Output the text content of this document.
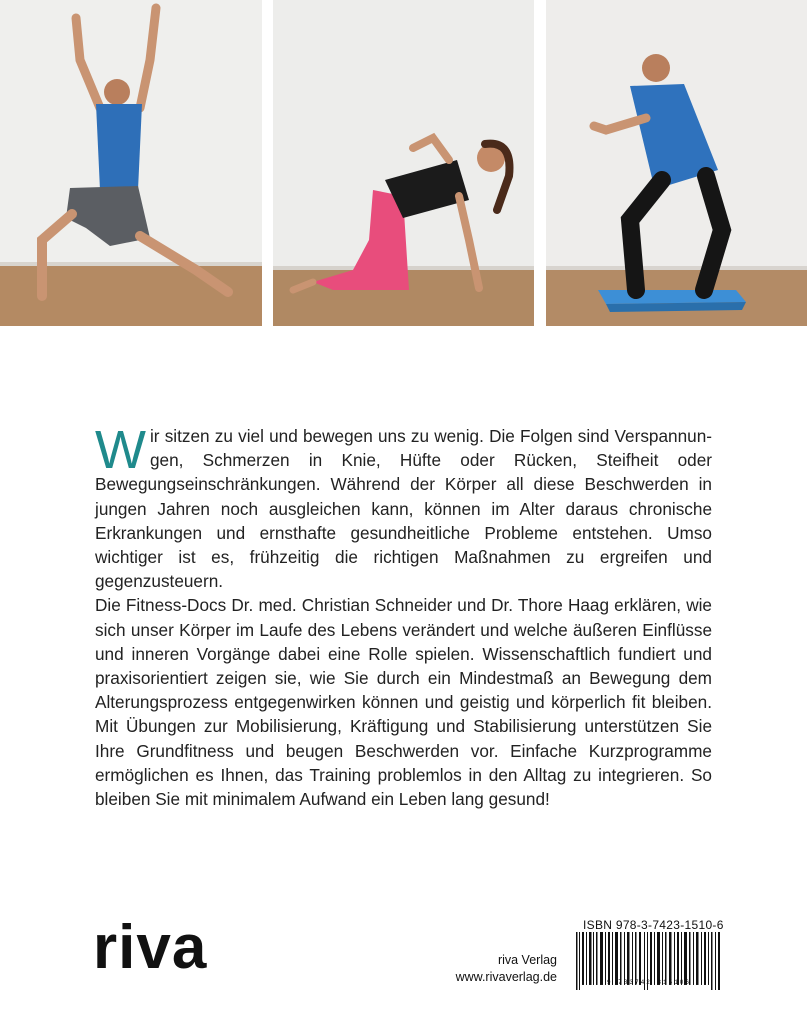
W ir sitzen zu viel und bewegen uns zu wenig. Die Folgen sind Verspannungen, Schmerzen in Knie, Hüfte oder Rücken, Steifheit oder Bewegungseinschränkungen. Während der Körper all diese Beschwerden in jungen Jahren noch ausgleichen kann, können im Alter daraus chronische Erkrankungen und ernsthafte gesundheitliche Probleme entstehen. Umso wichtiger ist es, frühzeitig die richtigen Maßnahmen zu ergreifen und gegenzusteuern.

Die Fitness-Docs Dr. med. Christian Schneider und Dr. Thore Haag erklären, wie sich unser Körper im Laufe des Lebens verändert und welche äußeren Einflüsse und inneren Vorgänge dabei eine Rolle spielen. Wissenschaftlich fundiert und praxisorientiert zeigen sie, wie Sie durch ein Mindestmaß an Bewegung dem Alterungsprozess entgegenwirken können und geistig und körperlich fit bleiben. Mit Übungen zur Mobilisierung, Kräftigung und Stabilisierung unterstützen Sie Ihre Grundfitness und beugen Beschwerden vor. Einfache Kurzprogramme ermöglichen es Ihnen, das Training problemlos in den Alltag zu integrieren. So bleiben Sie mit minimalem Aufwand ein Leben lang gesund!

riva	riva Verlag
www.rivaverlag.de
ISBN 978-3-7423-1510-6
9 783742 315106
